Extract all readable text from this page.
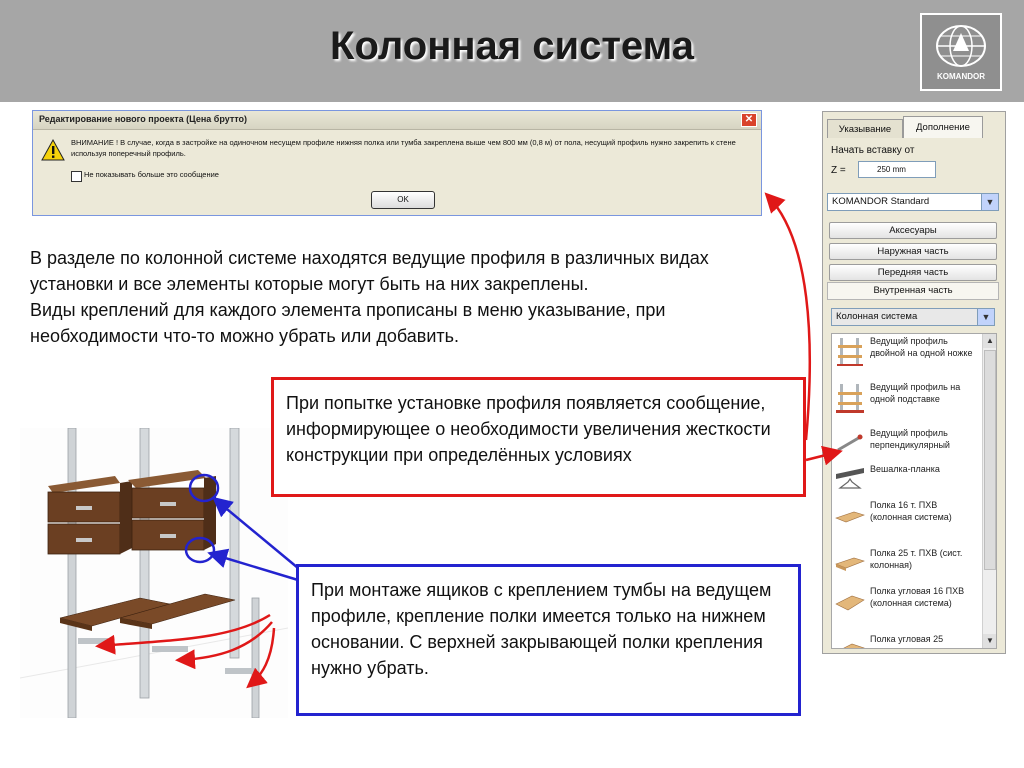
Колонная система
KOMANDOR
Редактирование нового проекта (Цена брутто)	✕
ВНИМАНИЕ ! В случае, когда в застройке на одиночном несущем профиле нижняя полка или тумба закреплена выше чем 800 мм (0,8 м) от пола, несущий профиль нужно закрепить к стене используя поперечный профиль.
Не показывать больше это сообщение
OK
В разделе по колонной системе находятся ведущие профиля в различных видах установки и все элементы которые могут быть на них закреплены.
Виды креплений для каждого элемента прописаны в меню указывание, при необходимости что-то можно убрать или добавить.
При попытке установке профиля появляется сообщение, информирующее о необходимости увеличения жесткости конструкции при определённых условиях
При монтаже ящиков с креплением тумбы на ведущем профиле, крепление полки имеется только на нижнем основании. С верхней закрывающей полки крепления нужно убрать.
Указывание	Дополнение
Начать вставку от
Z =	250 mm
KOMANDOR Standard	▼
Аксесуары
Наружная часть
Передняя часть
Внутренная часть
Колонная система	▼
Ведущий профиль двойной на одной ножке
Ведущий профиль на одной подставке
Ведущий профиль перпендикулярный
Вешалка-планка
Полка 16 т. ПХВ (колонная система)
Полка 25 т. ПХВ (сист. колонная)
Полка угловая 16 ПХВ (колонная система)
Полка угловая 25
▲
▼
